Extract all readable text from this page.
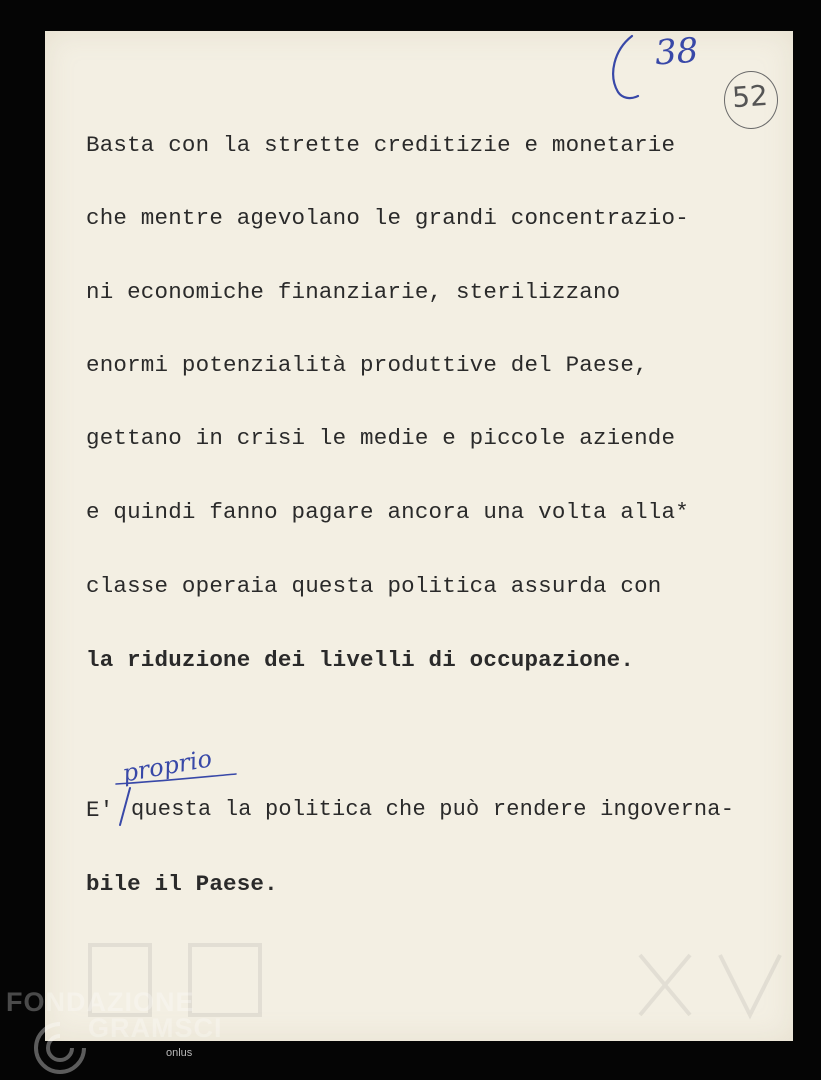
38
52
Basta con la strette creditizie e monetarie
che mentre agevolano le grandi concentrazio-
ni economiche finanziarie, sterilizzano
enormi potenzialità produttive del Paese,
gettano in crisi le medie e piccole aziende
e quindi fanno pagare ancora una volta alla*
classe operaia questa politica assurda con
la riduzione dei livelli di occupazione.
proprio
E' questa la politica che può rendere ingoverna-
bile il Paese.
FONDAZIONE
GRAMSCI
onlus
